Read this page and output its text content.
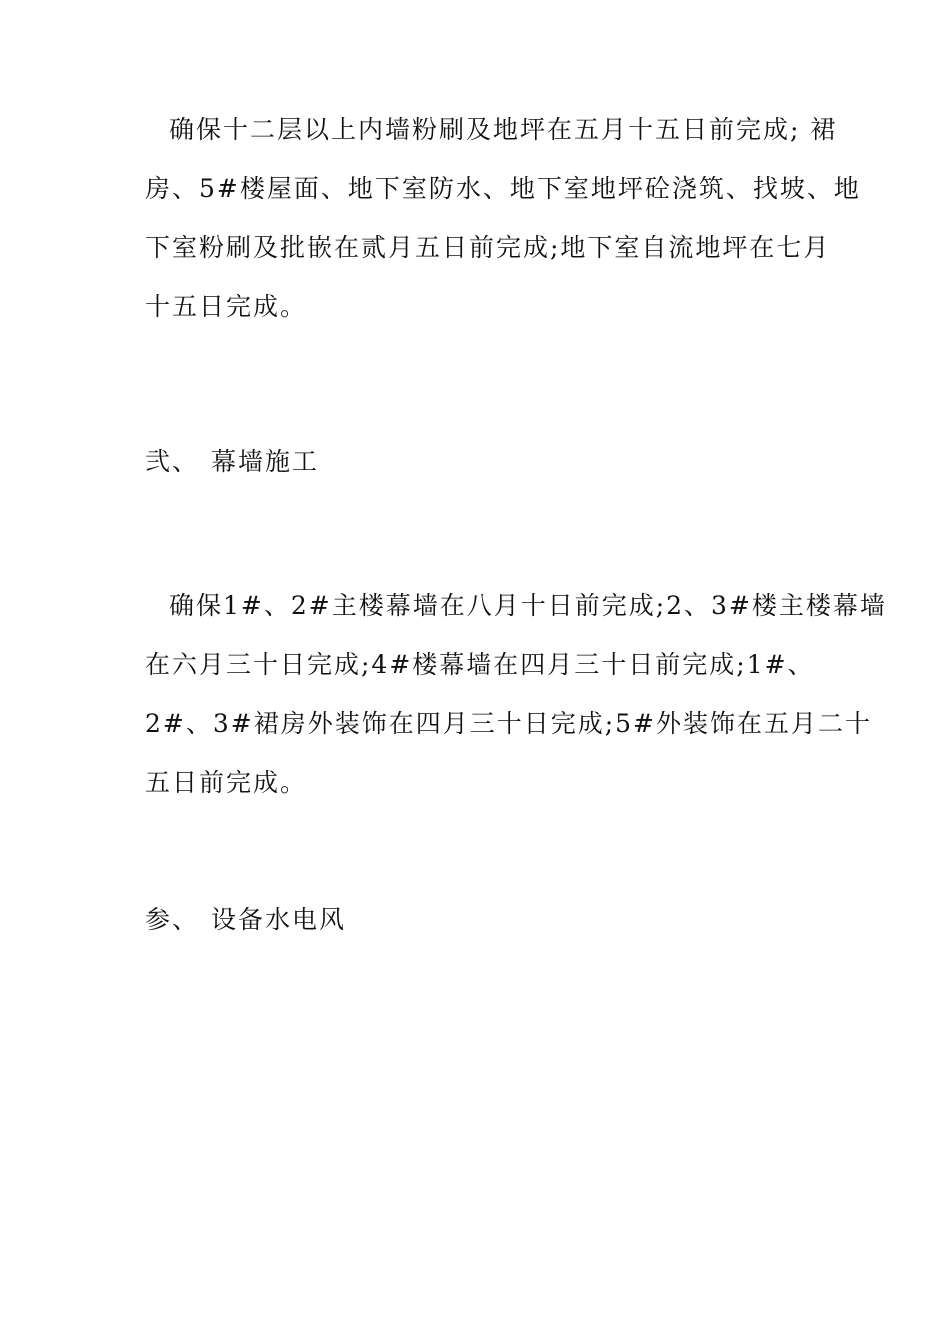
确保十二层以上内墙粉刷及地坪在五月十五日前完成; 裙
房、5#楼屋面、地下室防水、地下室地坪砼浇筑、找坡、地
下室粉刷及批嵌在贰月五日前完成;地下室自流地坪在七月
十五日完成。
弐、 幕墙施工
确保1#、2#主楼幕墙在八月十日前完成;2、3#楼主楼幕墙
在六月三十日完成;4#楼幕墙在四月三十日前完成;1#、
2#、3#裙房外装饰在四月三十日完成;5#外装饰在五月二十
五日前完成。
参、 设备水电风
